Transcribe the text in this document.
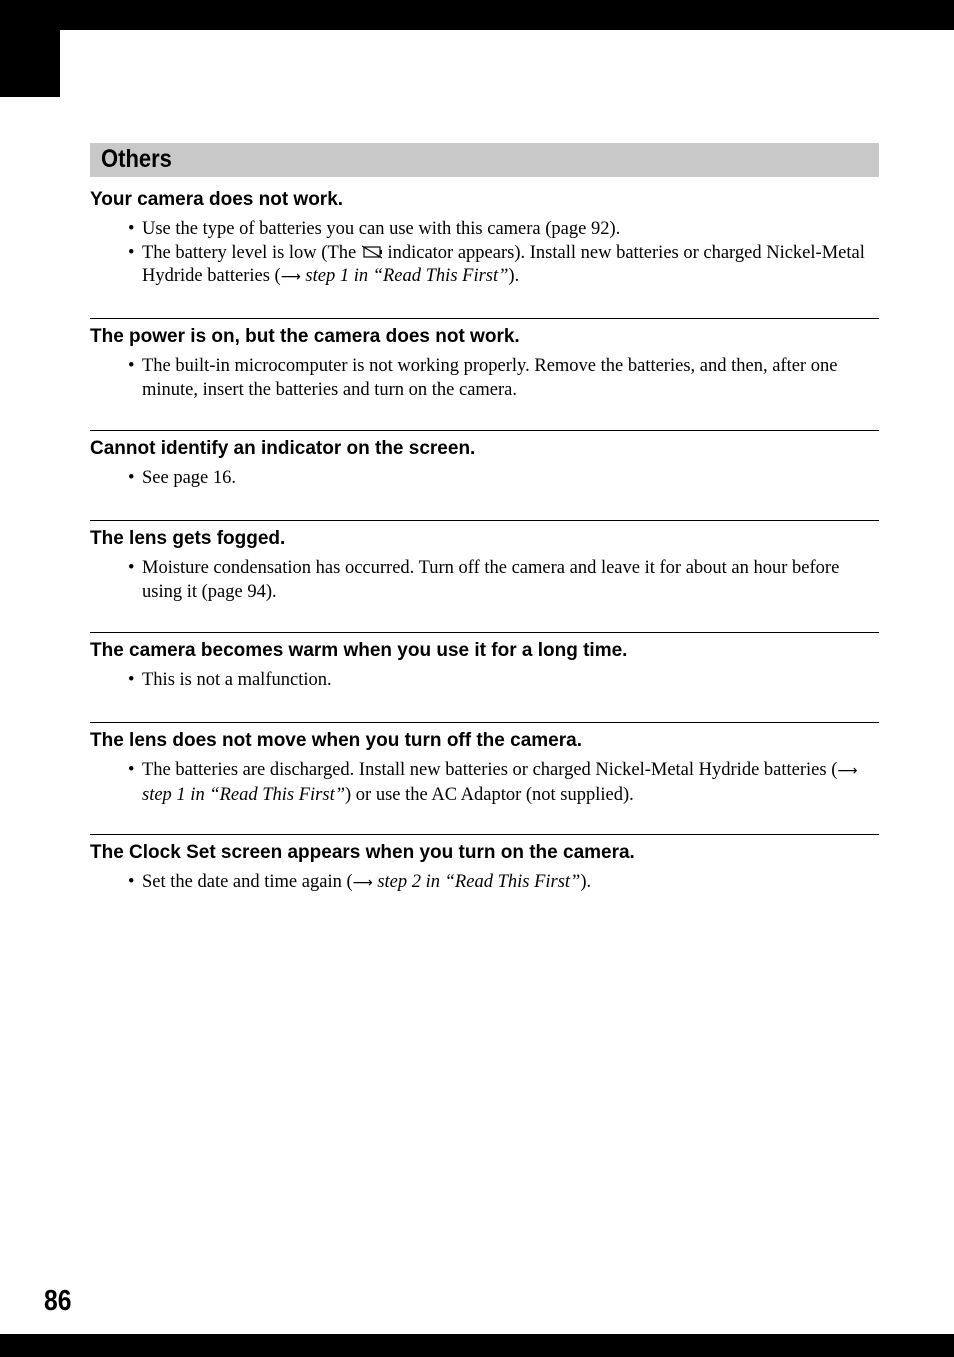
Others
Your camera does not work.
• Use the type of batteries you can use with this camera (page 92).
• The battery level is low (The  indicator appears). Install new batteries or charged Nickel-Metal Hydride batteries (⟶ step 1 in “Read This First”).
The power is on, but the camera does not work.
• The built-in microcomputer is not working properly. Remove the batteries, and then, after one minute, insert the batteries and turn on the camera.
Cannot identify an indicator on the screen.
• See page 16.
The lens gets fogged.
• Moisture condensation has occurred. Turn off the camera and leave it for about an hour before using it (page 94).
The camera becomes warm when you use it for a long time.
• This is not a malfunction.
The lens does not move when you turn off the camera.
• The batteries are discharged. Install new batteries or charged Nickel-Metal Hydride batteries (⟶ step 1 in “Read This First”) or use the AC Adaptor (not supplied).
The Clock Set screen appears when you turn on the camera.
• Set the date and time again (⟶ step 2 in “Read This First”).
86
